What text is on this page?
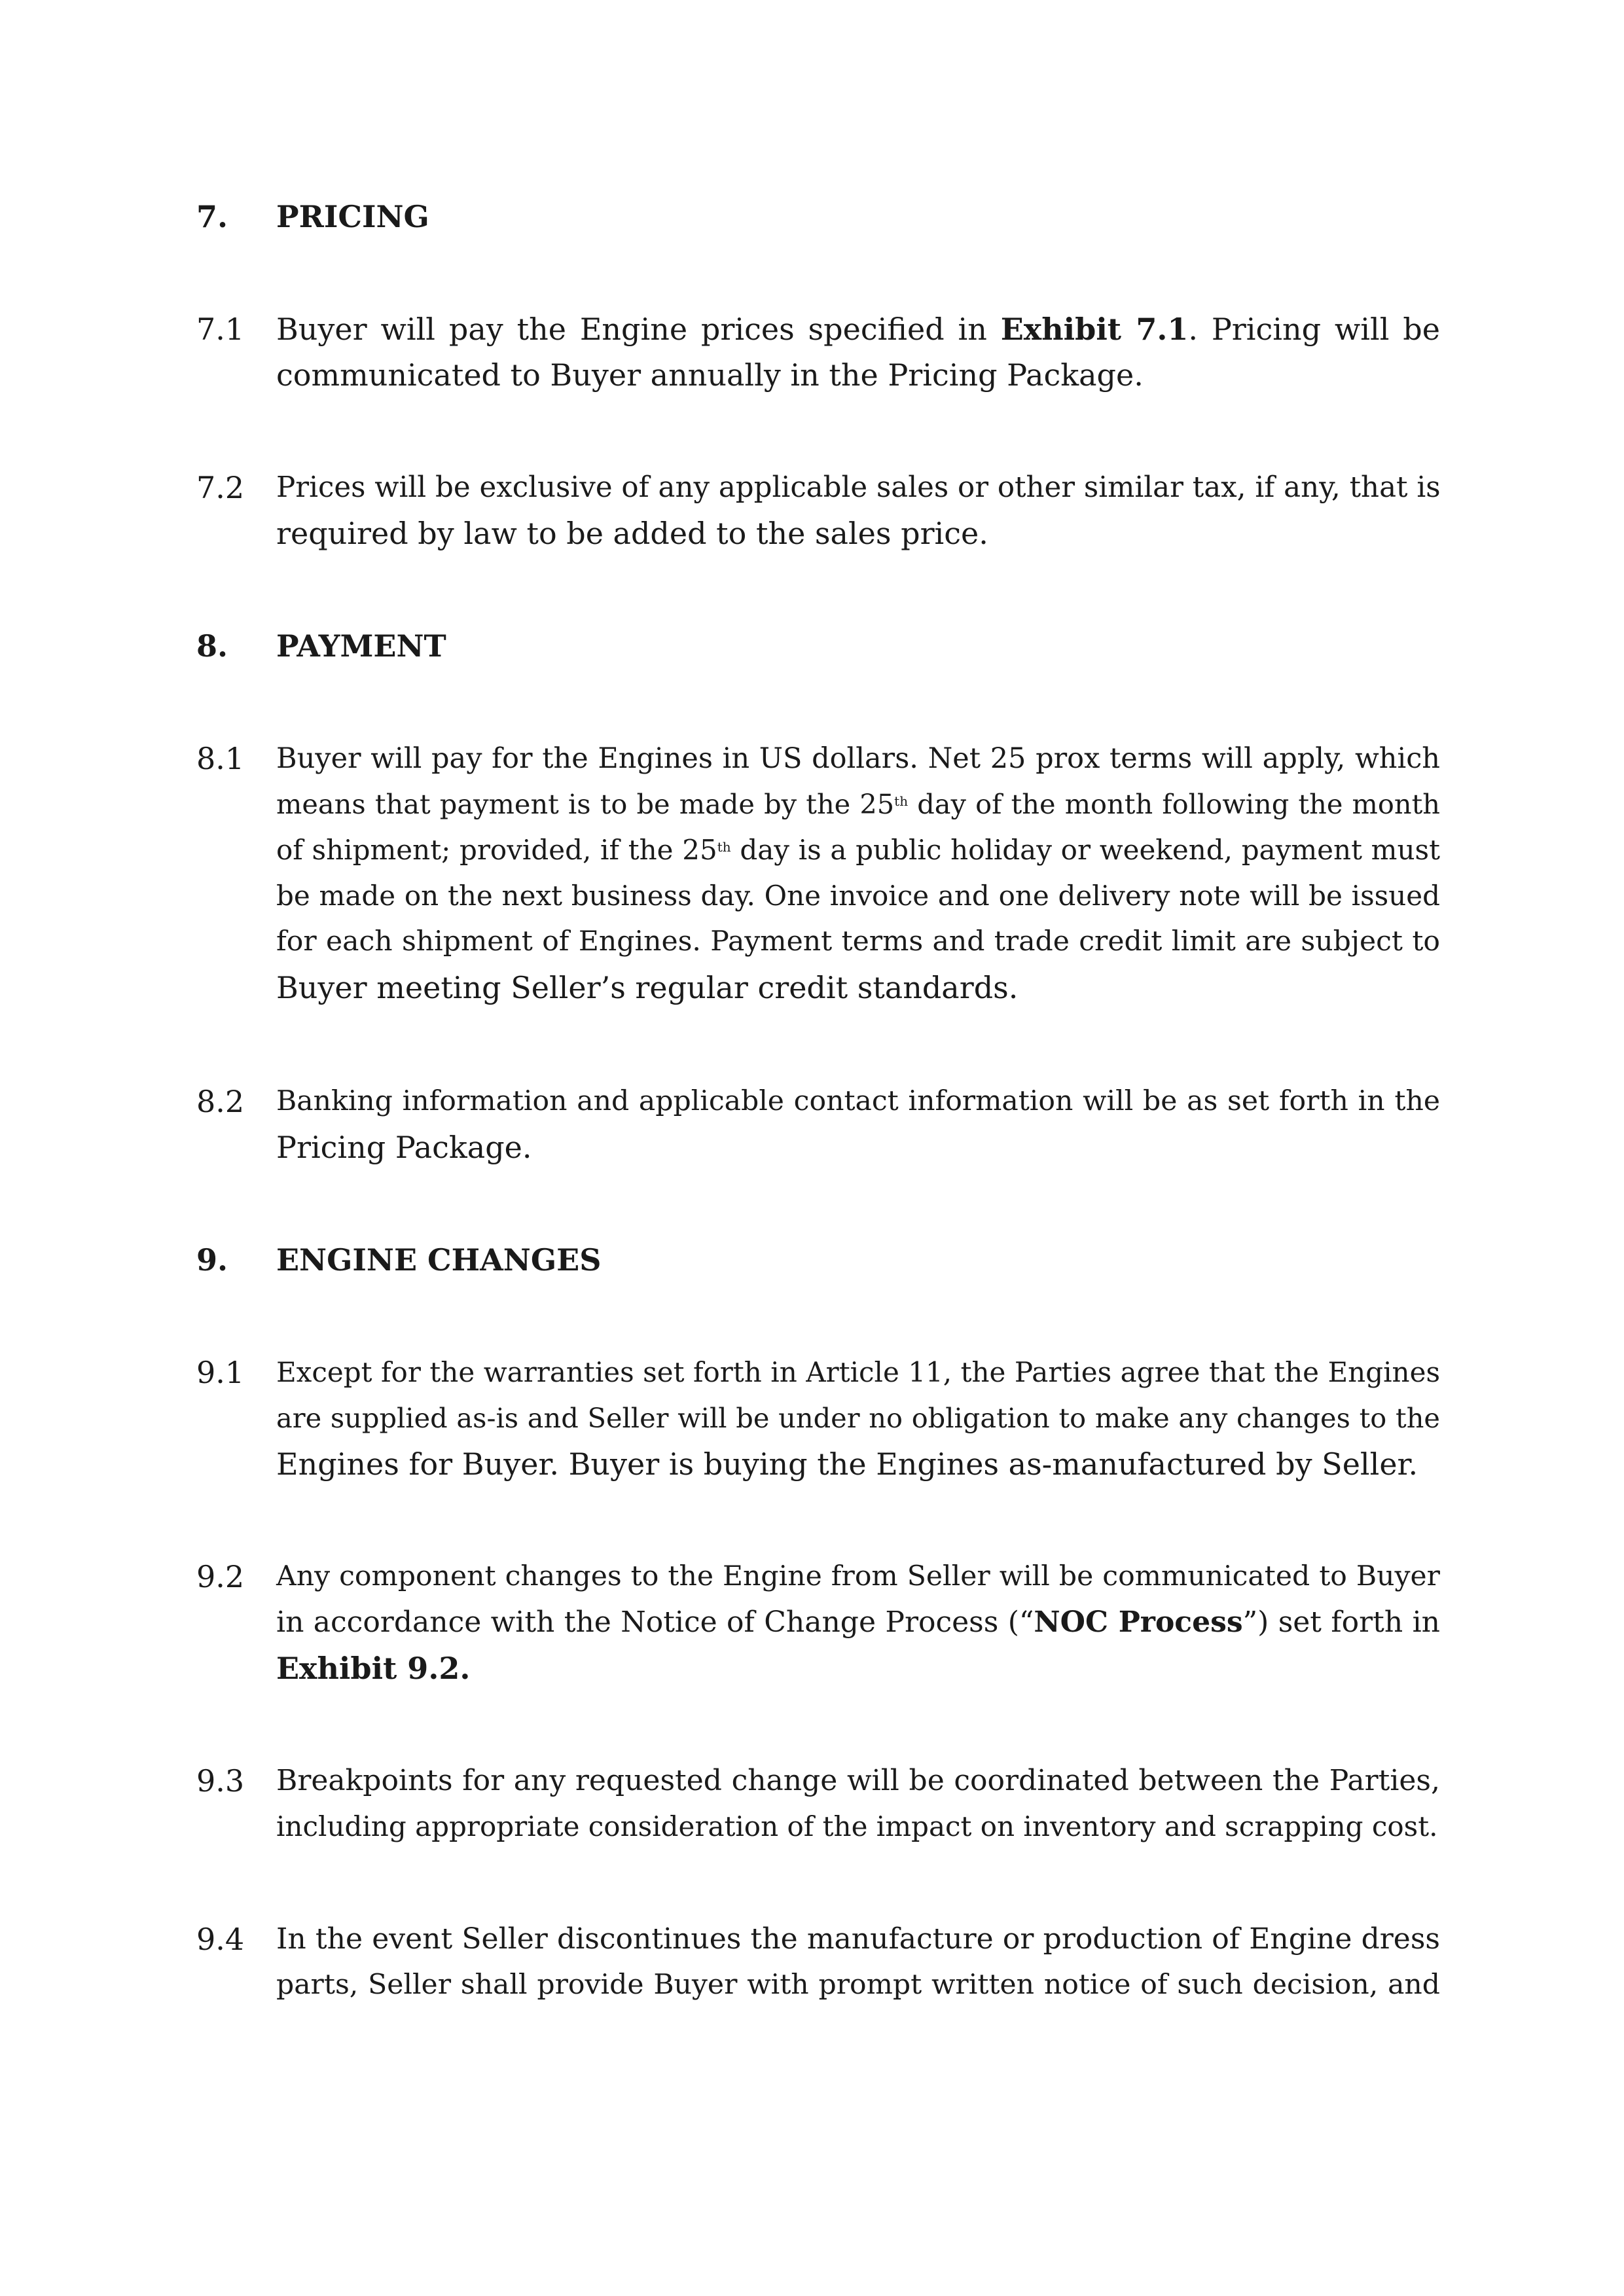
7.	PRICING
7.1	Buyer will pay the Engine prices specified in Exhibit 7.1. Pricing will be
communicated to Buyer annually in the Pricing Package.
7.2	Prices will be exclusive of any applicable sales or other similar tax, if any, that is
required by law to be added to the sales price.
8.	PAYMENT
8.1	Buyer will pay for the Engines in US dollars. Net 25 prox terms will apply, which
means that payment is to be made by the 25th day of the month following the month
of shipment; provided, if the 25th day is a public holiday or weekend, payment must
be made on the next business day. One invoice and one delivery note will be issued
for each shipment of Engines. Payment terms and trade credit limit are subject to
Buyer meeting Seller’s regular credit standards.
8.2	Banking information and applicable contact information will be as set forth in the
Pricing Package.
9.	ENGINE CHANGES
9.1	Except for the warranties set forth in Article 11, the Parties agree that the Engines
are supplied as-is and Seller will be under no obligation to make any changes to the
Engines for Buyer. Buyer is buying the Engines as-manufactured by Seller.
9.2	Any component changes to the Engine from Seller will be communicated to Buyer
in accordance with the Notice of Change Process (“NOC Process”) set forth in
Exhibit 9.2.
9.3	Breakpoints for any requested change will be coordinated between the Parties,
including appropriate consideration of the impact on inventory and scrapping cost.
9.4	In the event Seller discontinues the manufacture or production of Engine dress
parts, Seller shall provide Buyer with prompt written notice of such decision, and
